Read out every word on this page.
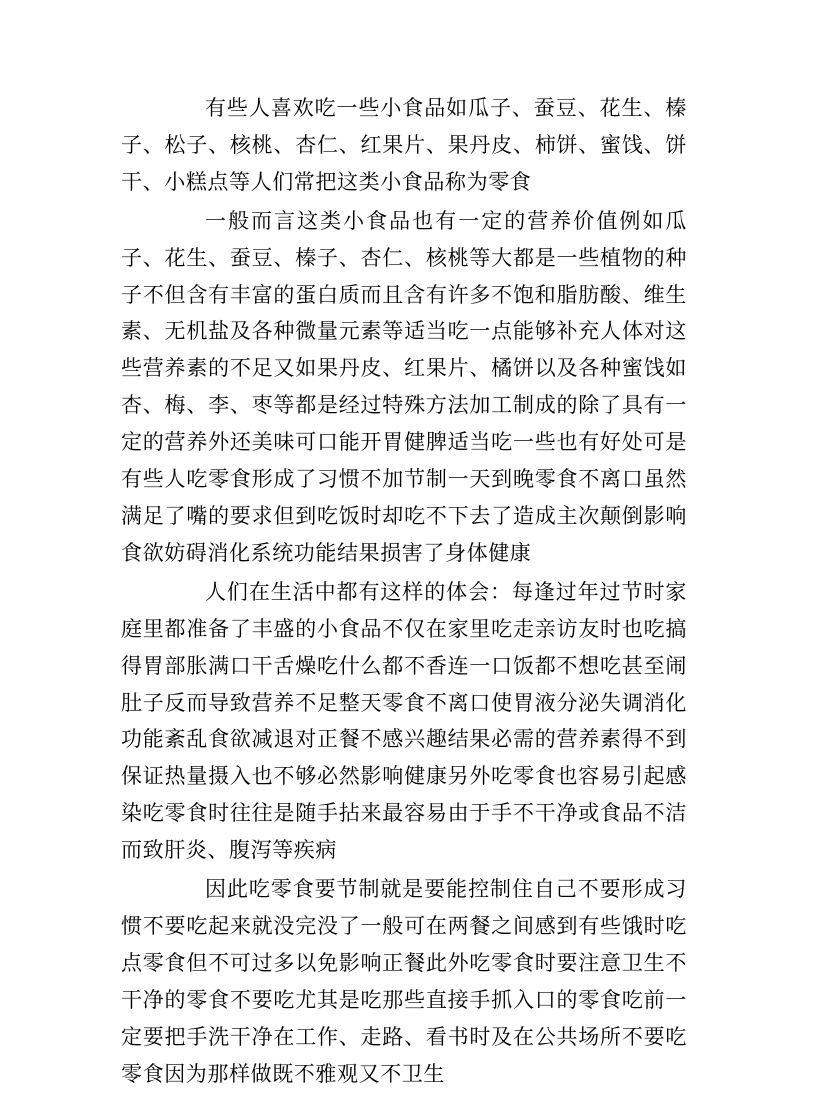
有些人喜欢吃一些小食品如瓜子、蚕豆、花生、榛子、松子、核桃、杏仁、红果片、果丹皮、柿饼、蜜饯、饼干、小糕点等人们常把这类小食品称为零食

一般而言这类小食品也有一定的营养价值例如瓜子、花生、蚕豆、榛子、杏仁、核桃等大都是一些植物的种子不但含有丰富的蛋白质而且含有许多不饱和脂肪酸、维生素、无机盐及各种微量元素等适当吃一点能够补充人体对这些营养素的不足又如果丹皮、红果片、橘饼以及各种蜜饯如杏、梅、李、枣等都是经过特殊方法加工制成的除了具有一定的营养外还美味可口能开胃健脾适当吃一些也有好处可是有些人吃零食形成了习惯不加节制一天到晚零食不离口虽然满足了嘴的要求但到吃饭时却吃不下去了造成主次颠倒影响食欲妨碍消化系统功能结果损害了身体健康

人们在生活中都有这样的体会：每逢过年过节时家庭里都准备了丰盛的小食品不仅在家里吃走亲访友时也吃搞得胃部胀满口干舌燥吃什么都不香连一口饭都不想吃甚至闹肚子反而导致营养不足整天零食不离口使胃液分泌失调消化功能紊乱食欲减退对正餐不感兴趣结果必需的营养素得不到保证热量摄入也不够必然影响健康另外吃零食也容易引起感染吃零食时往往是随手拈来最容易由于手不干净或食品不洁而致肝炎、腹泻等疾病

因此吃零食要节制就是要能控制住自己不要形成习惯不要吃起来就没完没了一般可在两餐之间感到有些饿时吃点零食但不可过多以免影响正餐此外吃零食时要注意卫生不干净的零食不要吃尤其是吃那些直接手抓入口的零食吃前一定要把手洗干净在工作、走路、看书时及在公共场所不要吃零食因为那样做既不雅观又不卫生
